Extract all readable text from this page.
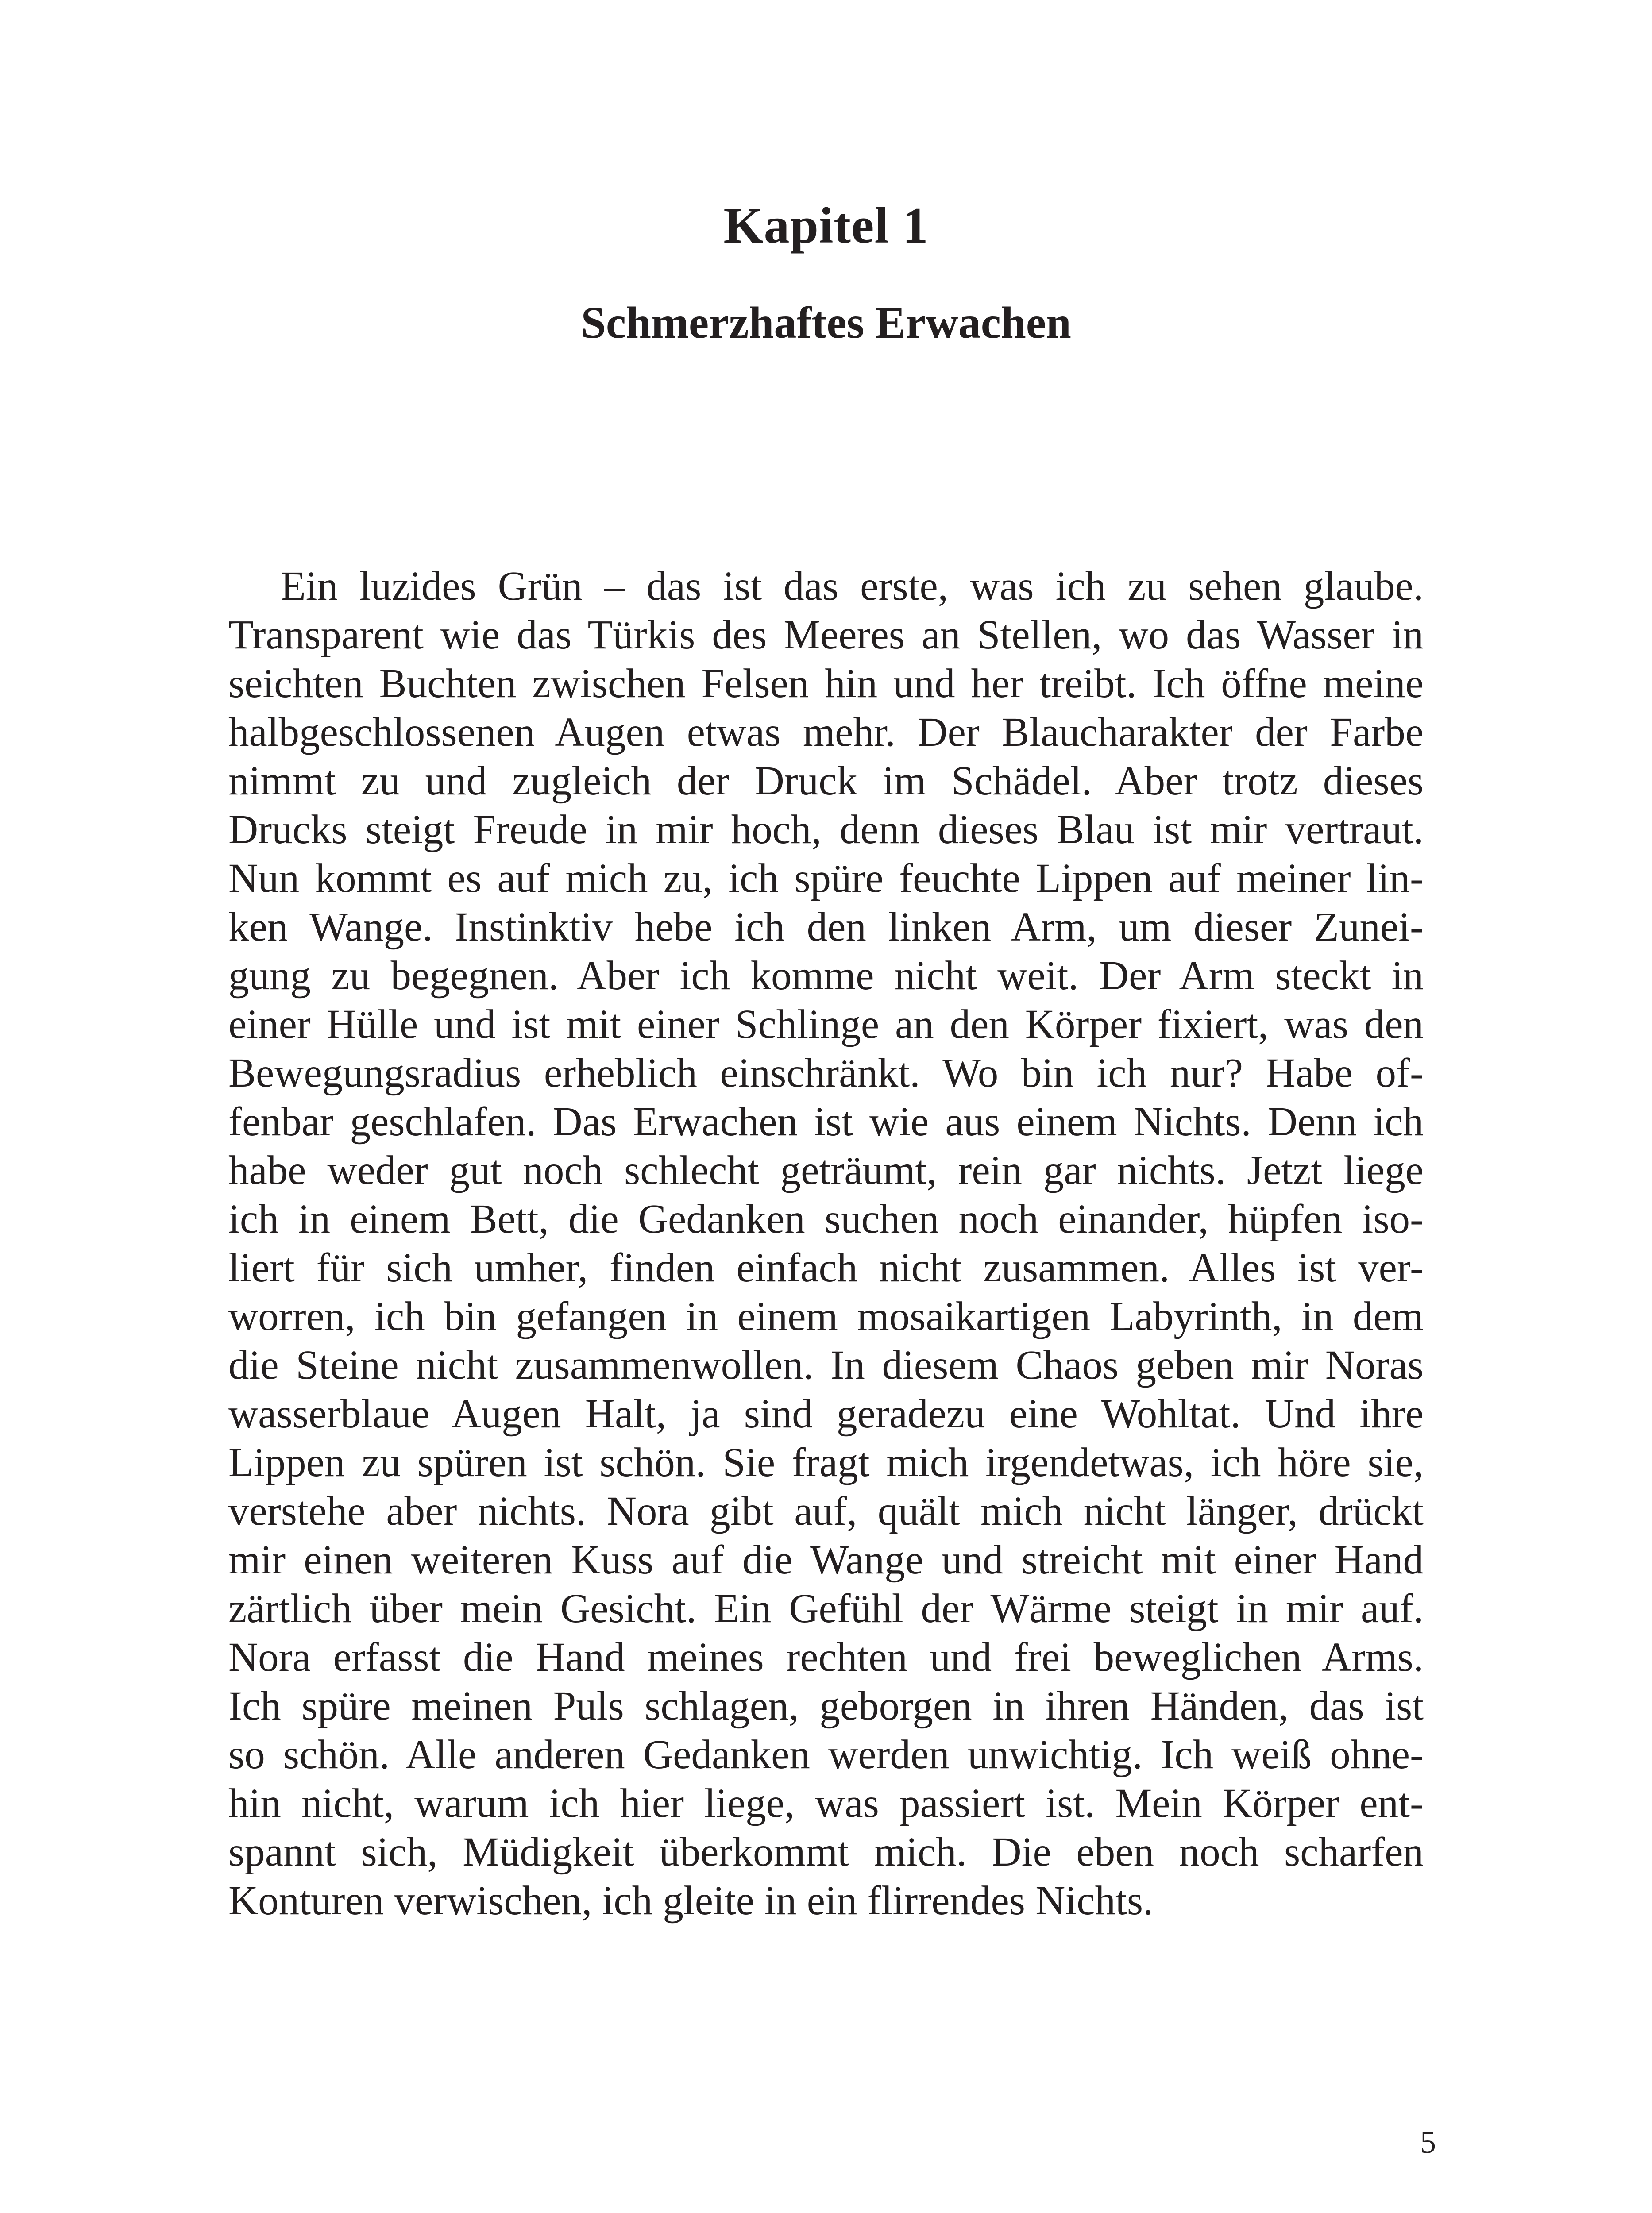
Kapitel 1
Schmerzhaftes Erwachen
Ein luzides Grün – das ist das erste, was ich zu sehen glaube.
Transparent wie das Türkis des Meeres an Stellen, wo das Wasser in
seichten Buchten zwischen Felsen hin und her treibt. Ich öffne meine
halbgeschlossenen Augen etwas mehr. Der Blaucharakter der Farbe
nimmt zu und zugleich der Druck im Schädel. Aber trotz dieses
Drucks steigt Freude in mir hoch, denn dieses Blau ist mir vertraut.
Nun kommt es auf mich zu, ich spüre feuchte Lippen auf meiner lin-
ken Wange. Instinktiv hebe ich den linken Arm, um dieser Zunei-
gung zu begegnen. Aber ich komme nicht weit. Der Arm steckt in
einer Hülle und ist mit einer Schlinge an den Körper fixiert, was den
Bewegungsradius erheblich einschränkt. Wo bin ich nur? Habe of-
fenbar geschlafen. Das Erwachen ist wie aus einem Nichts. Denn ich
habe weder gut noch schlecht geträumt, rein gar nichts. Jetzt liege
ich in einem Bett, die Gedanken suchen noch einander, hüpfen iso-
liert für sich umher, finden einfach nicht zusammen. Alles ist ver-
worren, ich bin gefangen in einem mosaikartigen Labyrinth, in dem
die Steine nicht zusammenwollen. In diesem Chaos geben mir Noras
wasserblaue Augen Halt, ja sind geradezu eine Wohltat. Und ihre
Lippen zu spüren ist schön. Sie fragt mich irgendetwas, ich höre sie,
verstehe aber nichts. Nora gibt auf, quält mich nicht länger, drückt
mir einen weiteren Kuss auf die Wange und streicht mit einer Hand
zärtlich über mein Gesicht. Ein Gefühl der Wärme steigt in mir auf.
Nora erfasst die Hand meines rechten und frei beweglichen Arms.
Ich spüre meinen Puls schlagen, geborgen in ihren Händen, das ist
so schön. Alle anderen Gedanken werden unwichtig. Ich weiß ohne-
hin nicht, warum ich hier liege, was passiert ist. Mein Körper ent-
spannt sich, Müdigkeit überkommt mich. Die eben noch scharfen
Konturen verwischen, ich gleite in ein flirrendes Nichts.

5
